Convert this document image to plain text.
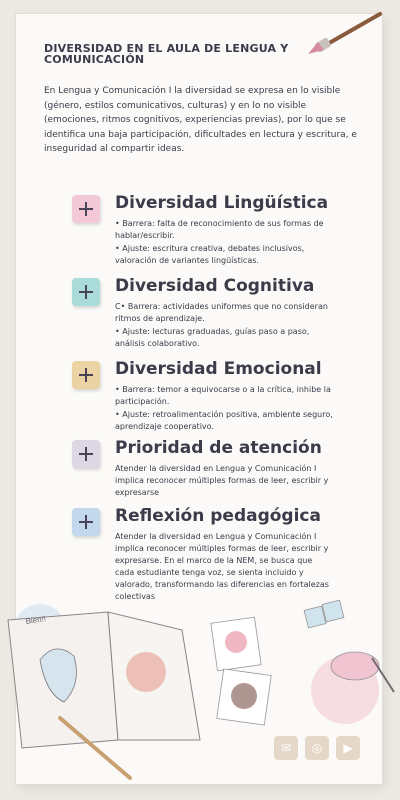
DIVERSIDAD EN EL AULA DE LENGUA Y COMUNICACIÓN

En Lengua y Comunicación I la diversidad se expresa en lo visible (género, estilos comunicativos, culturas) y en lo no visible (emociones, ritmos cognitivos, experiencias previas), por lo que se identifica una baja participación, dificultades en lectura y escritura, e inseguridad al compartir ideas.

Diversidad Lingüística

• Barrera: falta de reconocimiento de sus formas de hablar/escribir.

• Ajuste: escritura creativa, debates inclusivos, valoración de variantes lingüísticas.

Diversidad Cognitiva

C• Barrera: actividades uniformes que no consideran ritmos de aprendizaje.

• Ajuste: lecturas graduadas, guías paso a paso, análisis colaborativo.

Diversidad Emocional

• Barrera: temor a equivocarse o a la crítica, inhibe la participación.

• Ajuste: retroalimentación positiva, ambiente seguro, aprendizaje cooperativo.

Prioridad de atención

Atender la diversidad en Lengua y Comunicación I implica reconocer múltiples formas de leer, escribir y expresarse

Reflexión pedagógica

Atender la diversidad en Lengua y Comunicación I implica reconocer múltiples formas de leer, escribir y expresarse. En el marco de la NEM, se busca que cada estudiante tenga voz, se sienta incluido y valorado, transformando las diferencias en fortalezas colectivas

Bien!!
✉	◎	▶
